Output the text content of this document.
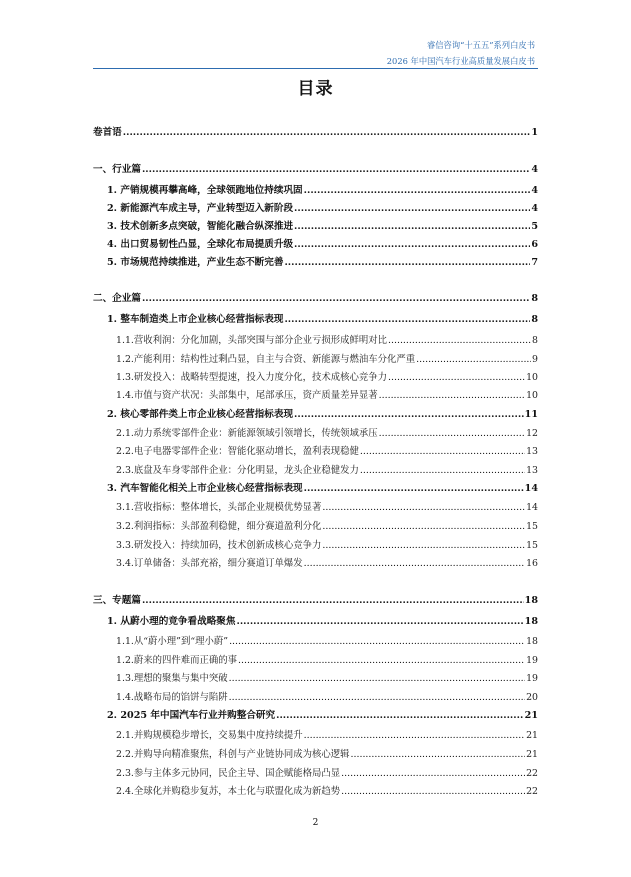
睿信咨询“十五五”系列白皮书
2026 年中国汽车行业高质量发展白皮书
目录
卷首语 .....	1
一、行业篇 .....	4
1. 产销规模再攀高峰，全球领跑地位持续巩固 .....	4
2. 新能源汽车成主导，产业转型迈入新阶段 .....	4
3. 技术创新多点突破，智能化融合纵深推进 .....	5
4. 出口贸易韧性凸显，全球化布局提质升级 .....	6
5. 市场规范持续推进，产业生态不断完善 .....	7
二、企业篇 .....	8
1. 整车制造类上市企业核心经营指标表现 .....	8
1.1.营收利润：分化加剧，头部突围与部分企业亏损形成鲜明对比 .....	8
1.2.产能利用：结构性过剩凸显，自主与合资、新能源与燃油车分化严重 .....	9
1.3.研发投入：战略转型提速，投入力度分化，技术成核心竞争力 .....	10
1.4.市值与资产状况：头部集中，尾部承压，资产质量差异显著 .....	10
2. 核心零部件类上市企业核心经营指标表现 .....	11
2.1.动力系统零部件企业：新能源领域引领增长，传统领域承压 .....	12
2.2.电子电器零部件企业：智能化驱动增长，盈利表现稳健 .....	13
2.3.底盘及车身零部件企业：分化明显，龙头企业稳健发力 .....	13
3. 汽车智能化相关上市企业核心经营指标表现 .....	14
3.1.营收指标：整体增长，头部企业规模优势显著 .....	14
3.2.利润指标：头部盈利稳健，细分赛道盈利分化 .....	15
3.3.研发投入：持续加码，技术创新成核心竞争力 .....	15
3.4.订单储备：头部充裕，细分赛道订单爆发 .....	16
三、专题篇 .....	18
1. 从蔚小理的竞争看战略聚焦 .....	18
1.1.从“蔚小理”到“理小蔚” .....	18
1.2.蔚来的四件难而正确的事 .....	19
1.3.理想的聚集与集中突破 .....	19
1.4.战略布局的馅饼与陷阱 .....	20
2. 2025 年中国汽车行业并购整合研究 .....	21
2.1.并购规模稳步增长，交易集中度持续提升 .....	21
2.2.并购导向精准聚焦，科创与产业链协同成为核心逻辑 .....	21
2.3.参与主体多元协同，民企主导、国企赋能格局凸显 .....	22
2.4.全球化并购稳步复苏，本土化与联盟化成为新趋势 .....	22
2
